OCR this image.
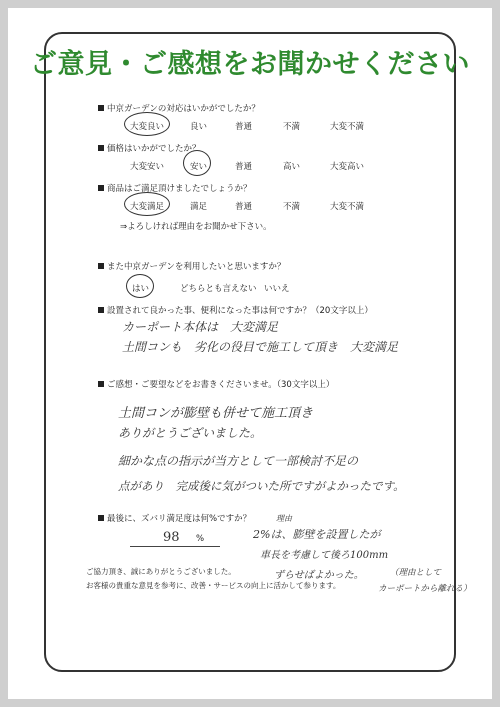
ご意見・ご感想をお聞かせください
中京ガーデンの対応はいかがでしたか？
大変良い	良い	普通	不満	大変不満
価格はいかがでしたか？
大変安い	安い	普通	高い	大変高い
商品はご満足頂けましたでしょうか？
大変満足	満足	普通	不満	大変不満
⇒よろしければ理由をお聞かせ下さい。
また中京ガーデンを利用したいと思いますか？
はい	どちらとも言えない いいえ
設置されて良かった事、便利になった事は何ですか？（20文字以上）
カーポート本体は　大変満足
土間コンも　劣化の役目で施工して頂き　大変満足
ご感想・ご要望などをお書きくださいませ。（30文字以上）
土間コンが膨壁も併せて施工頂き
ありがとうございました。
細かな点の指示が当方として一部検討不足の
点があり　完成後に気がついた所ですがよかったです。
最後に、ズバリ満足度は何%ですか？
98 %
理由
2%は、膨壁を設置したが
車長を考慮して後ろ100mm
ずらせばよかった。	（理由として
カーポートから離れる）
ご協力頂き、誠にありがとうございました。
お客様の貴重な意見を参考に、改善・サービスの向上に活かして参ります。
